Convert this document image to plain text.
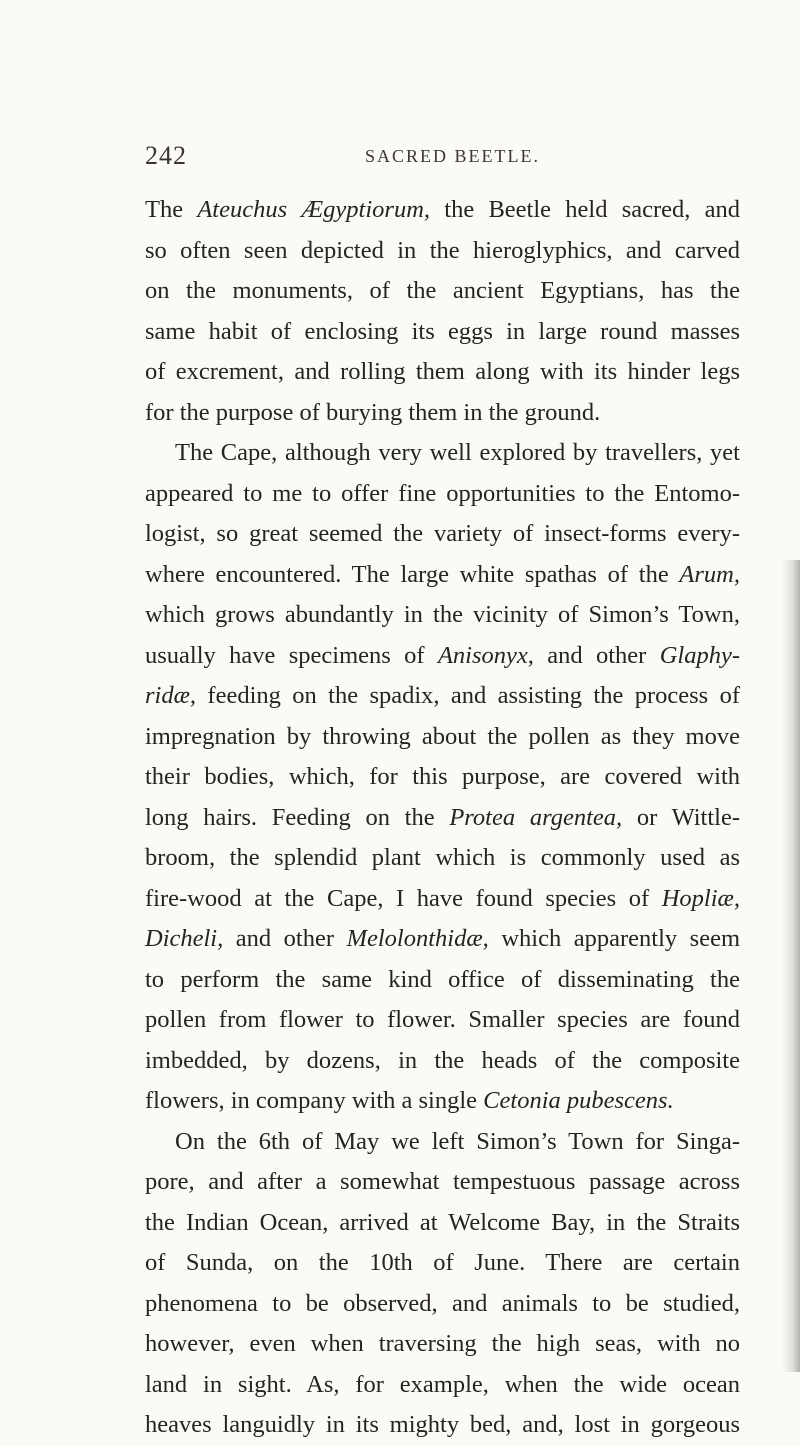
242	SACRED BEETLE.
The Ateuchus Ægyptiorum, the Beetle held sacred, and
so often seen depicted in the hieroglyphics, and carved
on the monuments, of the ancient Egyptians, has the
same habit of enclosing its eggs in large round masses
of excrement, and rolling them along with its hinder legs
for the purpose of burying them in the ground.
The Cape, although very well explored by travellers, yet
appeared to me to offer fine opportunities to the Entomo-
logist, so great seemed the variety of insect-forms every-
where encountered. The large white spathas of the Arum,
which grows abundantly in the vicinity of Simon’s Town,
usually have specimens of Anisonyx, and other Glaphy-
ridæ, feeding on the spadix, and assisting the process of
impregnation by throwing about the pollen as they move
their bodies, which, for this purpose, are covered with
long hairs. Feeding on the Protea argentea, or Wittle-
broom, the splendid plant which is commonly used as
fire-wood at the Cape, I have found species of Hopliæ,
Dicheli, and other Melolonthidæ, which apparently seem
to perform the same kind office of disseminating the
pollen from flower to flower. Smaller species are found
imbedded, by dozens, in the heads of the composite
flowers, in company with a single Cetonia pubescens.
On the 6th of May we left Simon’s Town for Singa-
pore, and after a somewhat tempestuous passage across
the Indian Ocean, arrived at Welcome Bay, in the Straits
of Sunda, on the 10th of June. There are certain
phenomena to be observed, and animals to be studied,
however, even when traversing the high seas, with no
land in sight. As, for example, when the wide ocean
heaves languidly in its mighty bed, and, lost in gorgeous
